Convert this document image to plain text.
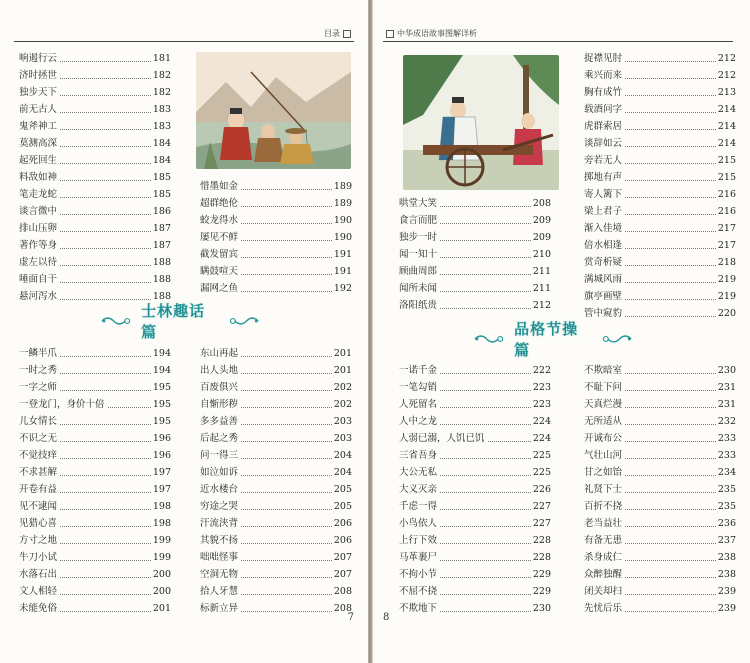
目录
响遏行云	181
济时拯世	182
独步天下	182
前无古人	183
鬼斧神工	183
莫测高深	184
起死回生	184
料敌如神	185
笔走龙蛇	185
谈言微中	186
排山压卵	187
著作等身	187
虚左以待	188
唾面自干	188
悬河泻水	188
惜墨如金	189
超群绝伦	189
蛟龙得水	190
屡见不鲜	190
截发留宾	191
瞒鼓喧天	191
漏网之鱼	192
士林趣话篇
一鳞半爪	194
一时之秀	194
一字之师	195
一登龙门，身价十倍	195
儿女情长	195
不识之无	196
不觉技痒	196
不求甚解	197
开卷有益	197
见不逮闻	198
见猎心喜	198
方寸之地	199
牛刀小试	199
水落石出	200
文人相轻	200
未能免俗	201
东山再起	201
出人头地	201
百废俱兴	202
自惭形秽	202
多多益善	203
后起之秀	203
问一得三	204
如泣如诉	204
近水楼台	205
穷途之哭	205
汗流浃背	206
其貌不扬	206
咄咄怪事	207
空洞无物	207
拾人牙慧	208
标新立异	208
7
中华成语故事图解详析
哄堂大笑	208
食言而肥	209
独步一时	209
闻一知十	210
顾曲周郎	211
闻所未闻	211
洛阳纸贵	212
捉襟见肘	212
乘兴而来	212
胸有成竹	213
载酒问字	214
虎群索居	214
谈辞如云	214
旁若无人	215
掷地有声	215
寄人篱下	216
梁上君子	216
渐入佳境	217
倍水相逢	217
赏奇析疑	218
满城风雨	219
旗亭画壁	219
管中窥豹	220
品格节操篇
一诺千金	222
一笔勾销	223
人死留名	223
人中之龙	224
人弱已溺，人饥已饥	224
三省吾身	225
大公无私	225
大义灭亲	226
千虑一得	227
小鸟依人	227
上行下效	228
马革裹尸	228
不拘小节	229
不屈不挠	229
不欺地下	230
不欺暗室	230
不耻下问	231
天真烂漫	231
无所适从	232
开诚布公	233
气壮山河	233
甘之如饴	234
礼贤下士	235
百折不挠	235
老当益壮	236
有备无患	237
杀身成仁	238
众醉独醒	238
闭关却扫	239
先忧后乐	239
8
